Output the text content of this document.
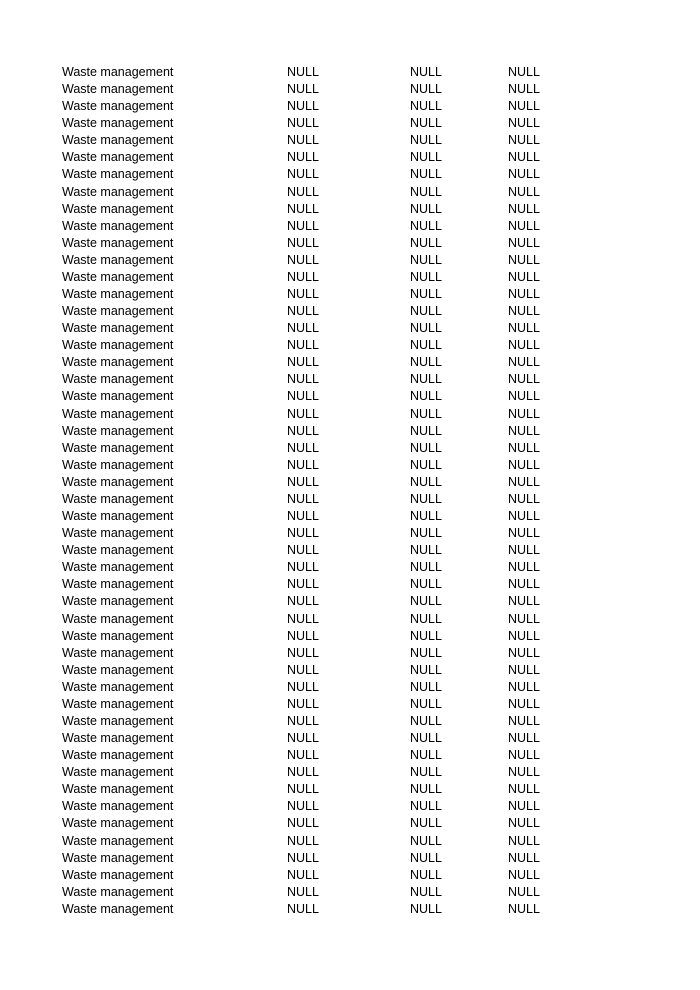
Waste management	NULL	NULL	NULL
Waste management	NULL	NULL	NULL
Waste management	NULL	NULL	NULL
Waste management	NULL	NULL	NULL
Waste management	NULL	NULL	NULL
Waste management	NULL	NULL	NULL
Waste management	NULL	NULL	NULL
Waste management	NULL	NULL	NULL
Waste management	NULL	NULL	NULL
Waste management	NULL	NULL	NULL
Waste management	NULL	NULL	NULL
Waste management	NULL	NULL	NULL
Waste management	NULL	NULL	NULL
Waste management	NULL	NULL	NULL
Waste management	NULL	NULL	NULL
Waste management	NULL	NULL	NULL
Waste management	NULL	NULL	NULL
Waste management	NULL	NULL	NULL
Waste management	NULL	NULL	NULL
Waste management	NULL	NULL	NULL
Waste management	NULL	NULL	NULL
Waste management	NULL	NULL	NULL
Waste management	NULL	NULL	NULL
Waste management	NULL	NULL	NULL
Waste management	NULL	NULL	NULL
Waste management	NULL	NULL	NULL
Waste management	NULL	NULL	NULL
Waste management	NULL	NULL	NULL
Waste management	NULL	NULL	NULL
Waste management	NULL	NULL	NULL
Waste management	NULL	NULL	NULL
Waste management	NULL	NULL	NULL
Waste management	NULL	NULL	NULL
Waste management	NULL	NULL	NULL
Waste management	NULL	NULL	NULL
Waste management	NULL	NULL	NULL
Waste management	NULL	NULL	NULL
Waste management	NULL	NULL	NULL
Waste management	NULL	NULL	NULL
Waste management	NULL	NULL	NULL
Waste management	NULL	NULL	NULL
Waste management	NULL	NULL	NULL
Waste management	NULL	NULL	NULL
Waste management	NULL	NULL	NULL
Waste management	NULL	NULL	NULL
Waste management	NULL	NULL	NULL
Waste management	NULL	NULL	NULL
Waste management	NULL	NULL	NULL
Waste management	NULL	NULL	NULL
Waste management	NULL	NULL	NULL
